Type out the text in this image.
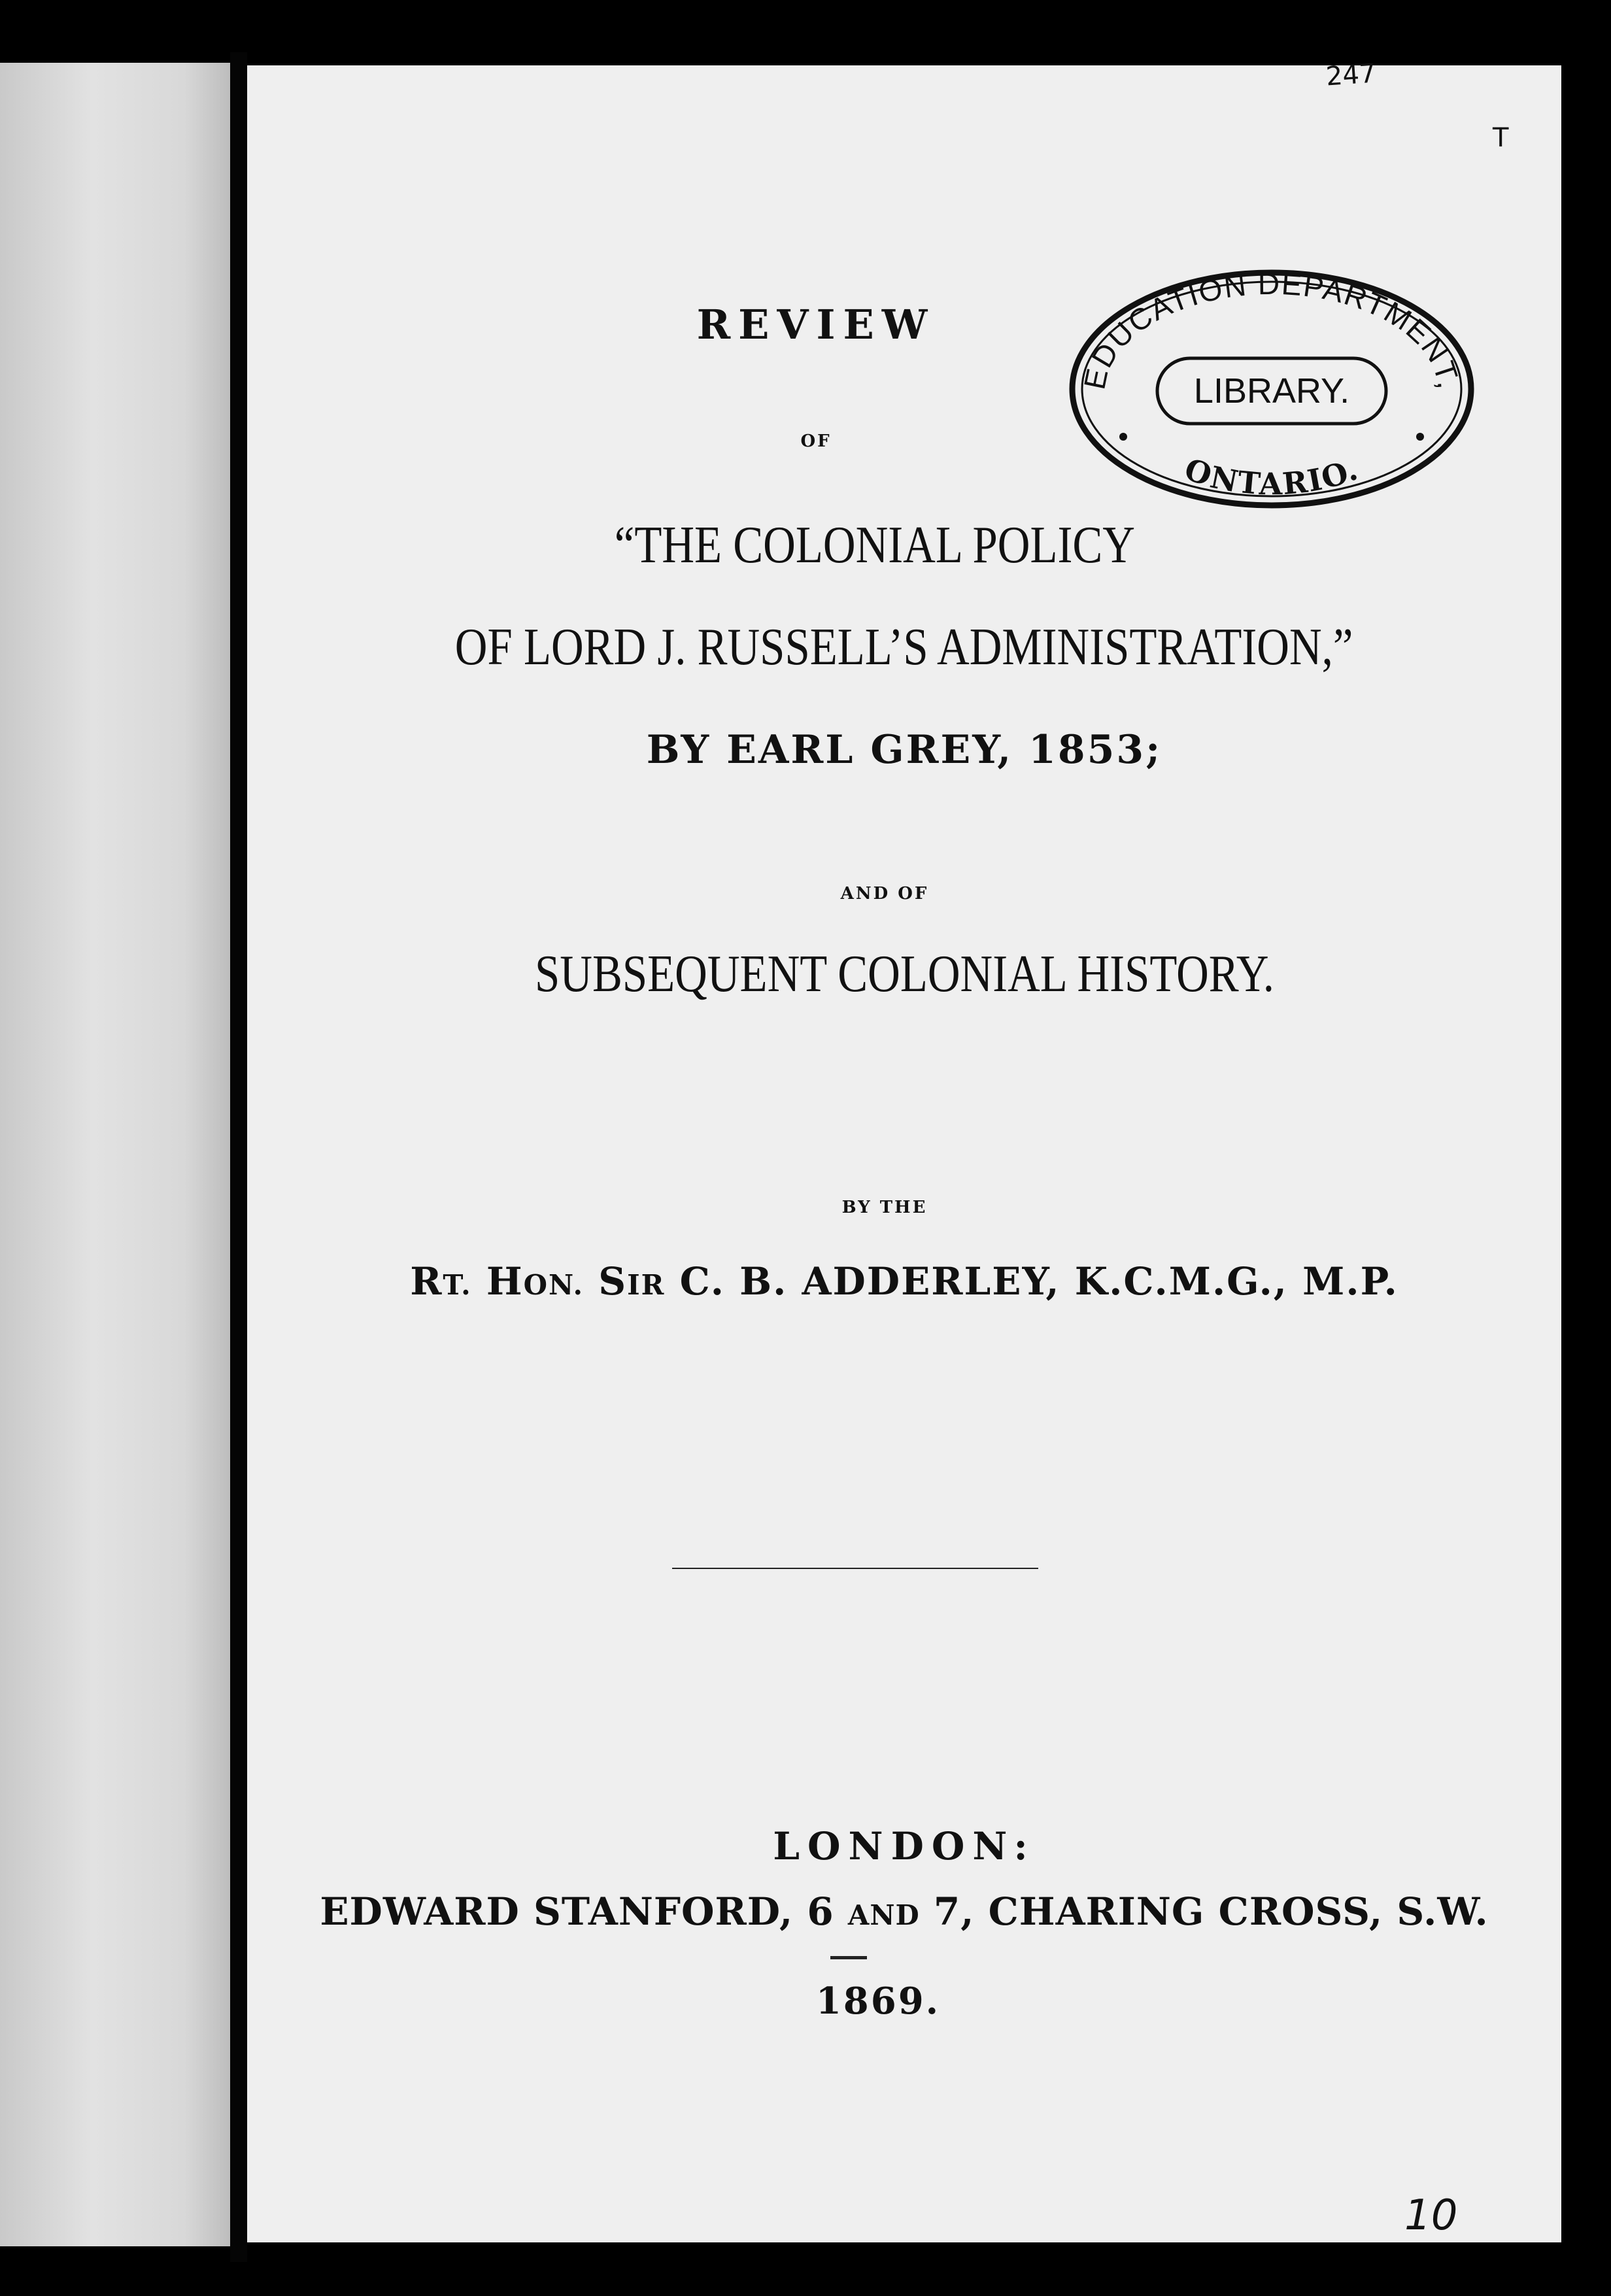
247
T
10
EDUCATION DEPARTMENT,
LIBRARY.
ONTARIO.
REVIEW
OF
“THE COLONIAL POLICY
OF LORD J. RUSSELL’S ADMINISTRATION,”
BY EARL GREY, 1853;
AND OF
SUBSEQUENT COLONIAL HISTORY.
BY THE
RT. HON. SIR C. B. ADDERLEY, K.C.M.G., M.P.
LONDON:
EDWARD STANFORD, 6 AND 7, CHARING CROSS, S.W.
1869.
